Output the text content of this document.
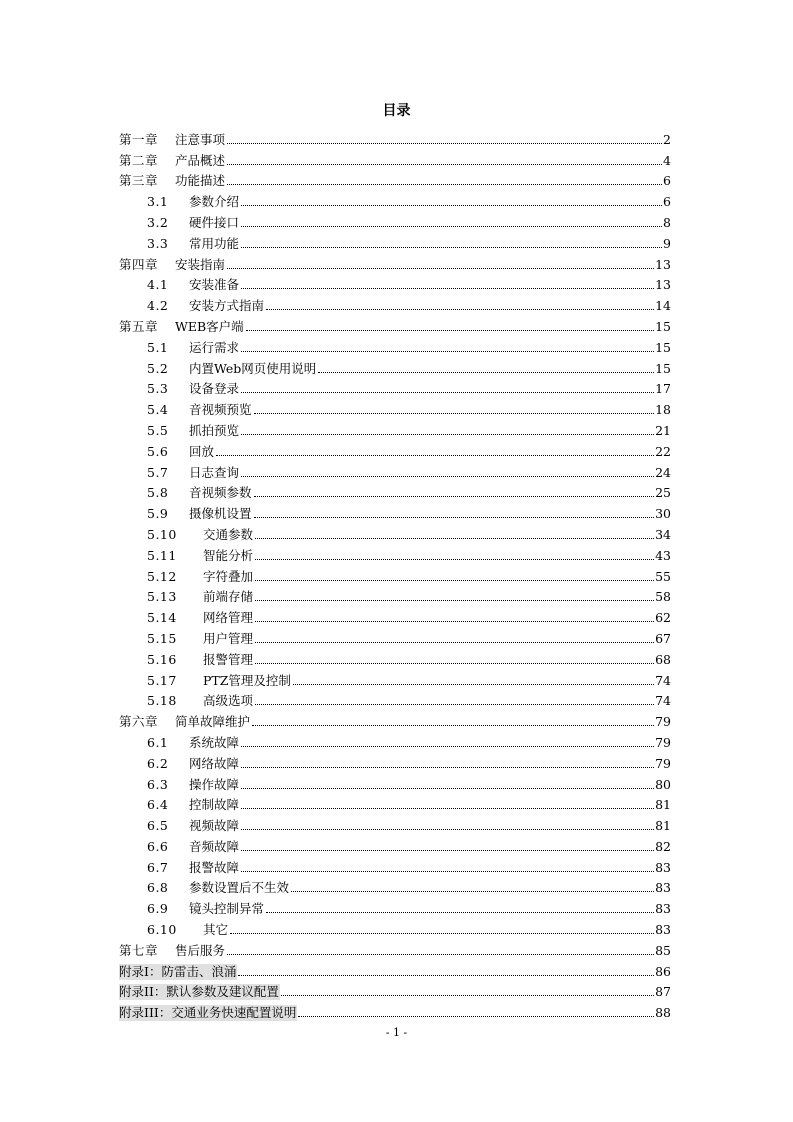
目录
第一章	注意事项	2
第二章	产品概述	4
第三章	功能描述	6
3.1	参数介绍	6
3.2	硬件接口	8
3.3	常用功能	9
第四章	安装指南	13
4.1	安装准备	13
4.2	安装方式指南	14
第五章	WEB客户端	15
5.1	运行需求	15
5.2	内置Web网页使用说明	15
5.3	设备登录	17
5.4	音视频预览	18
5.5	抓拍预览	21
5.6	回放	22
5.7	日志查询	24
5.8	音视频参数	25
5.9	摄像机设置	30
5.10	交通参数	34
5.11	智能分析	43
5.12	字符叠加	55
5.13	前端存储	58
5.14	网络管理	62
5.15	用户管理	67
5.16	报警管理	68
5.17	PTZ管理及控制	74
5.18	高级选项	74
第六章	简单故障维护	79
6.1	系统故障	79
6.2	网络故障	79
6.3	操作故障	80
6.4	控制故障	81
6.5	视频故障	81
6.6	音频故障	82
6.7	报警故障	83
6.8	参数设置后不生效	83
6.9	镜头控制异常	83
6.10	其它	83
第七章	售后服务	85
附录Ⅰ：防雷击、浪涌	86
附录II：默认参数及建议配置	87
附录III：交通业务快速配置说明	88
- 1 -
